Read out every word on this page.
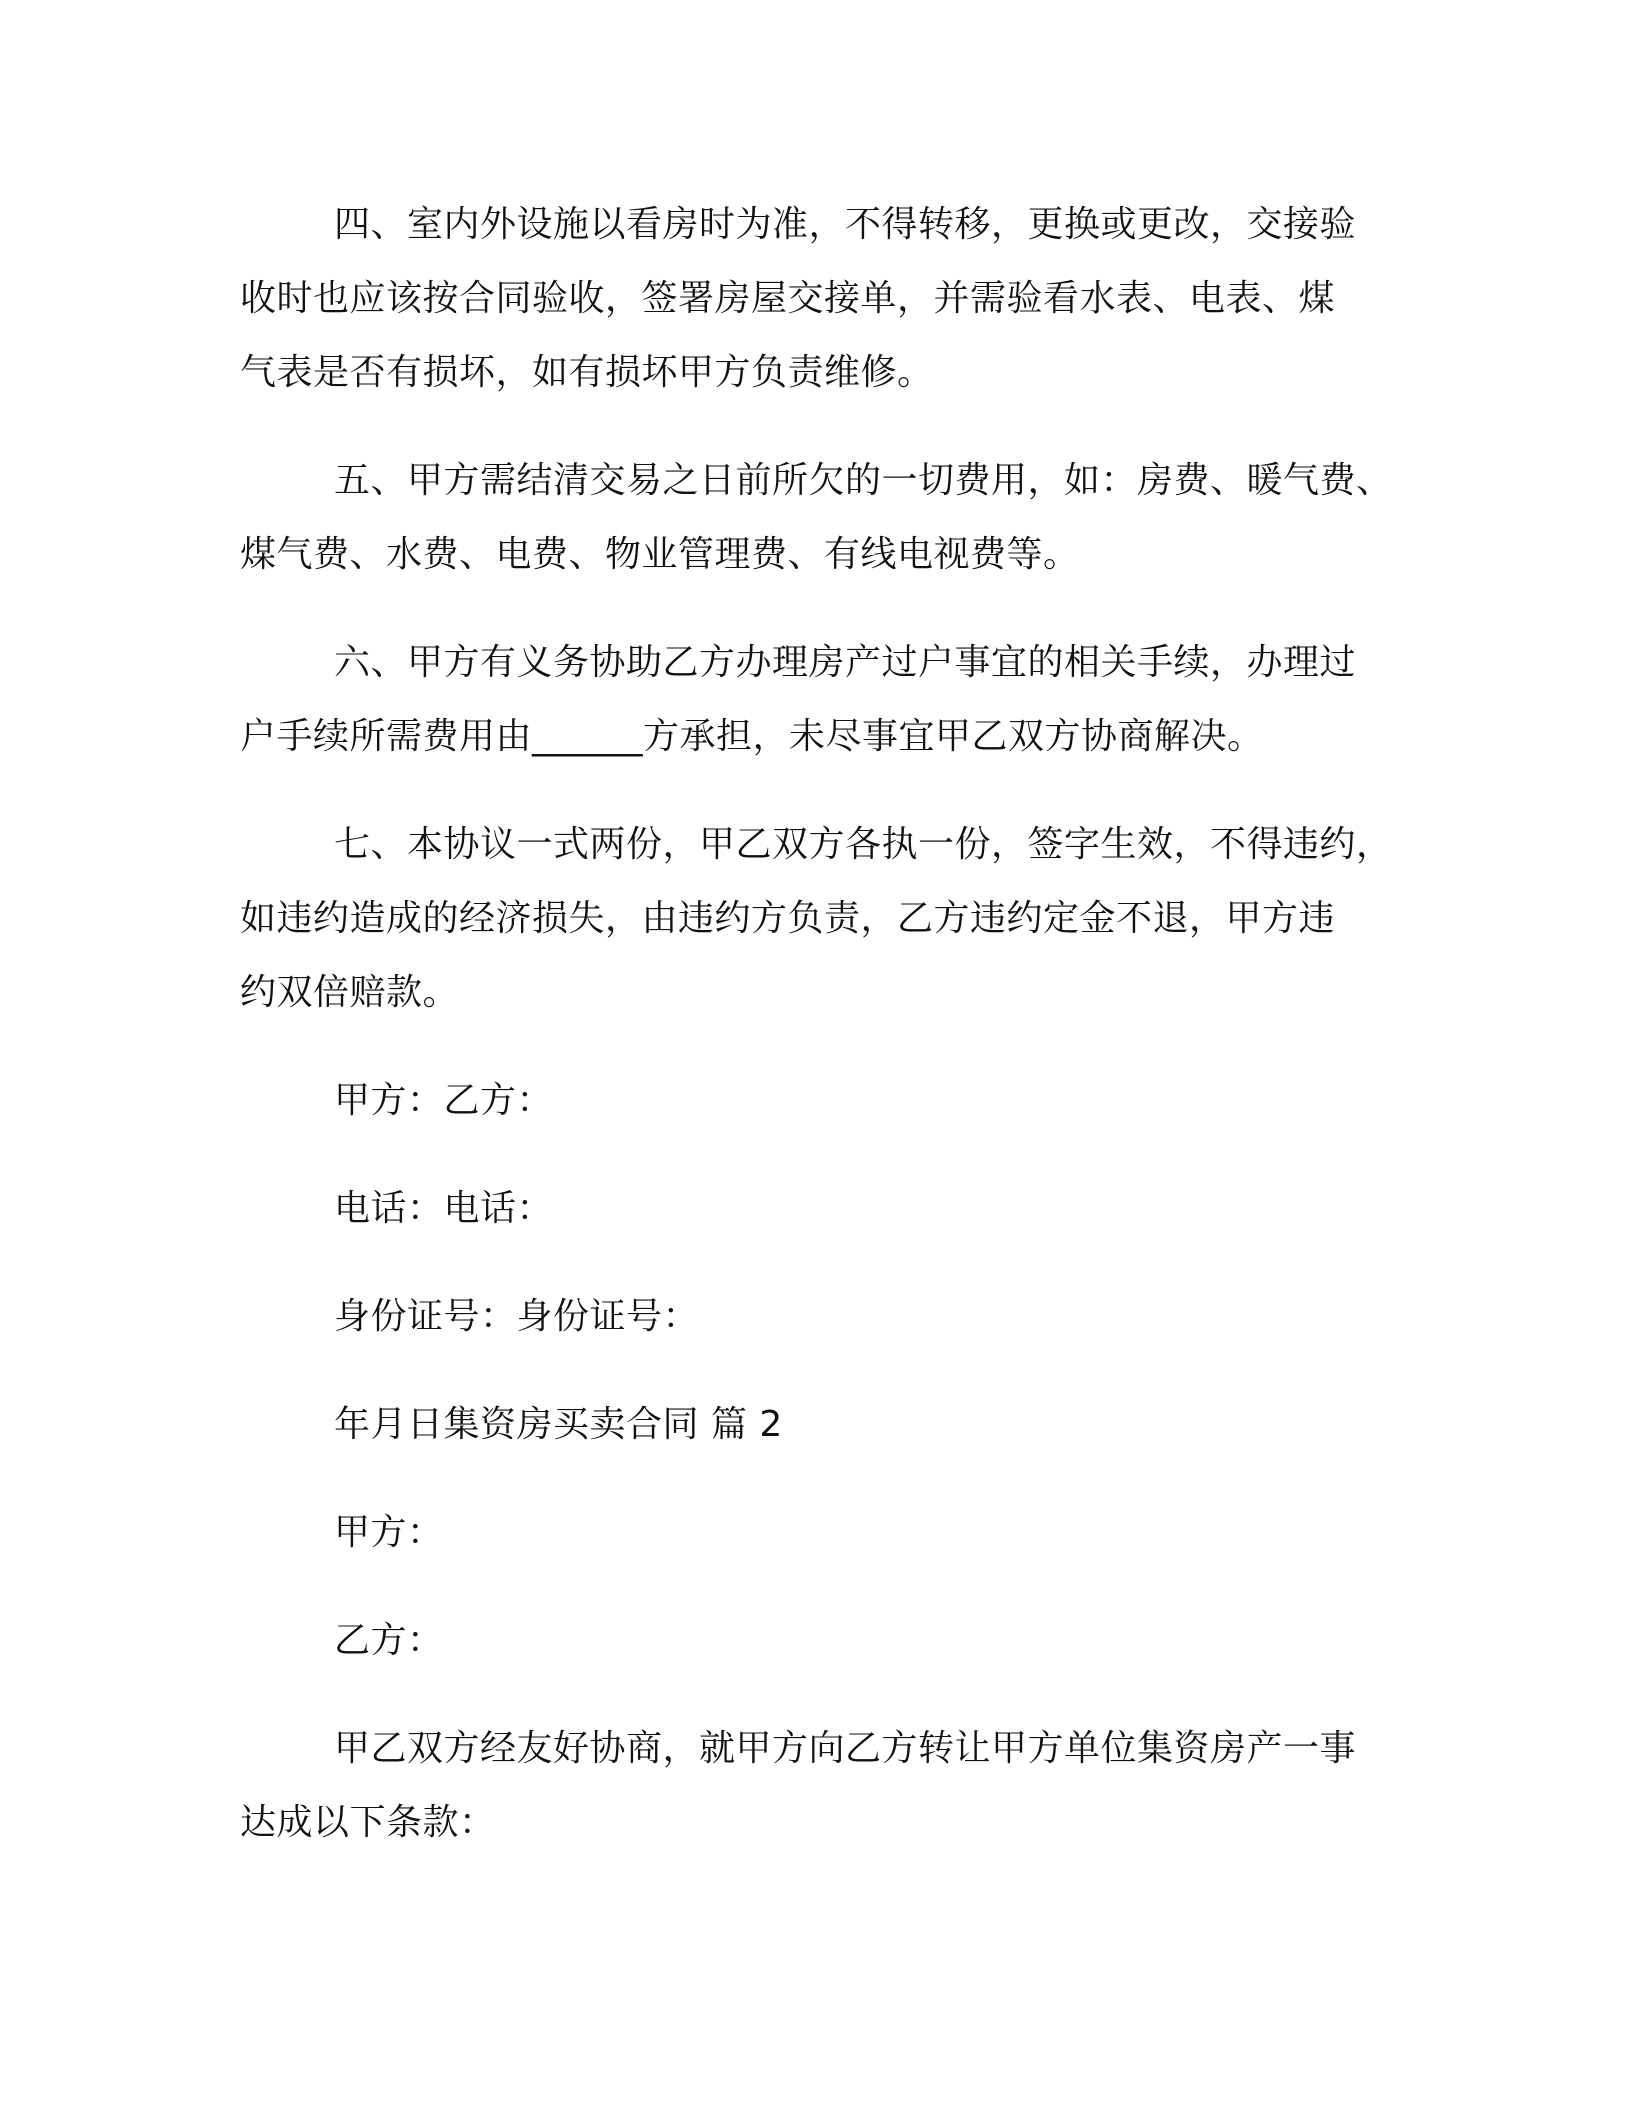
四、室内外设施以看房时为准，不得转移，更换或更改，交接验
收时也应该按合同验收，签署房屋交接单，并需验看水表、电表、煤
气表是否有损坏，如有损坏甲方负责维修。

五、甲方需结清交易之日前所欠的一切费用，如：房费、暖气费、
煤气费、水费、电费、物业管理费、有线电视费等。

六、甲方有义务协助乙方办理房产过户事宜的相关手续，办理过
户手续所需费用由______方承担，未尽事宜甲乙双方协商解决。

七、本协议一式两份，甲乙双方各执一份，签字生效，不得违约，
如违约造成的经济损失，由违约方负责，乙方违约定金不退，甲方违
约双倍赔款。

甲方：乙方：

电话：电话：

身份证号：身份证号：

年月日集资房买卖合同 篇 2

甲方：

乙方：

甲乙双方经友好协商，就甲方向乙方转让甲方单位集资房产一事
达成以下条款：
